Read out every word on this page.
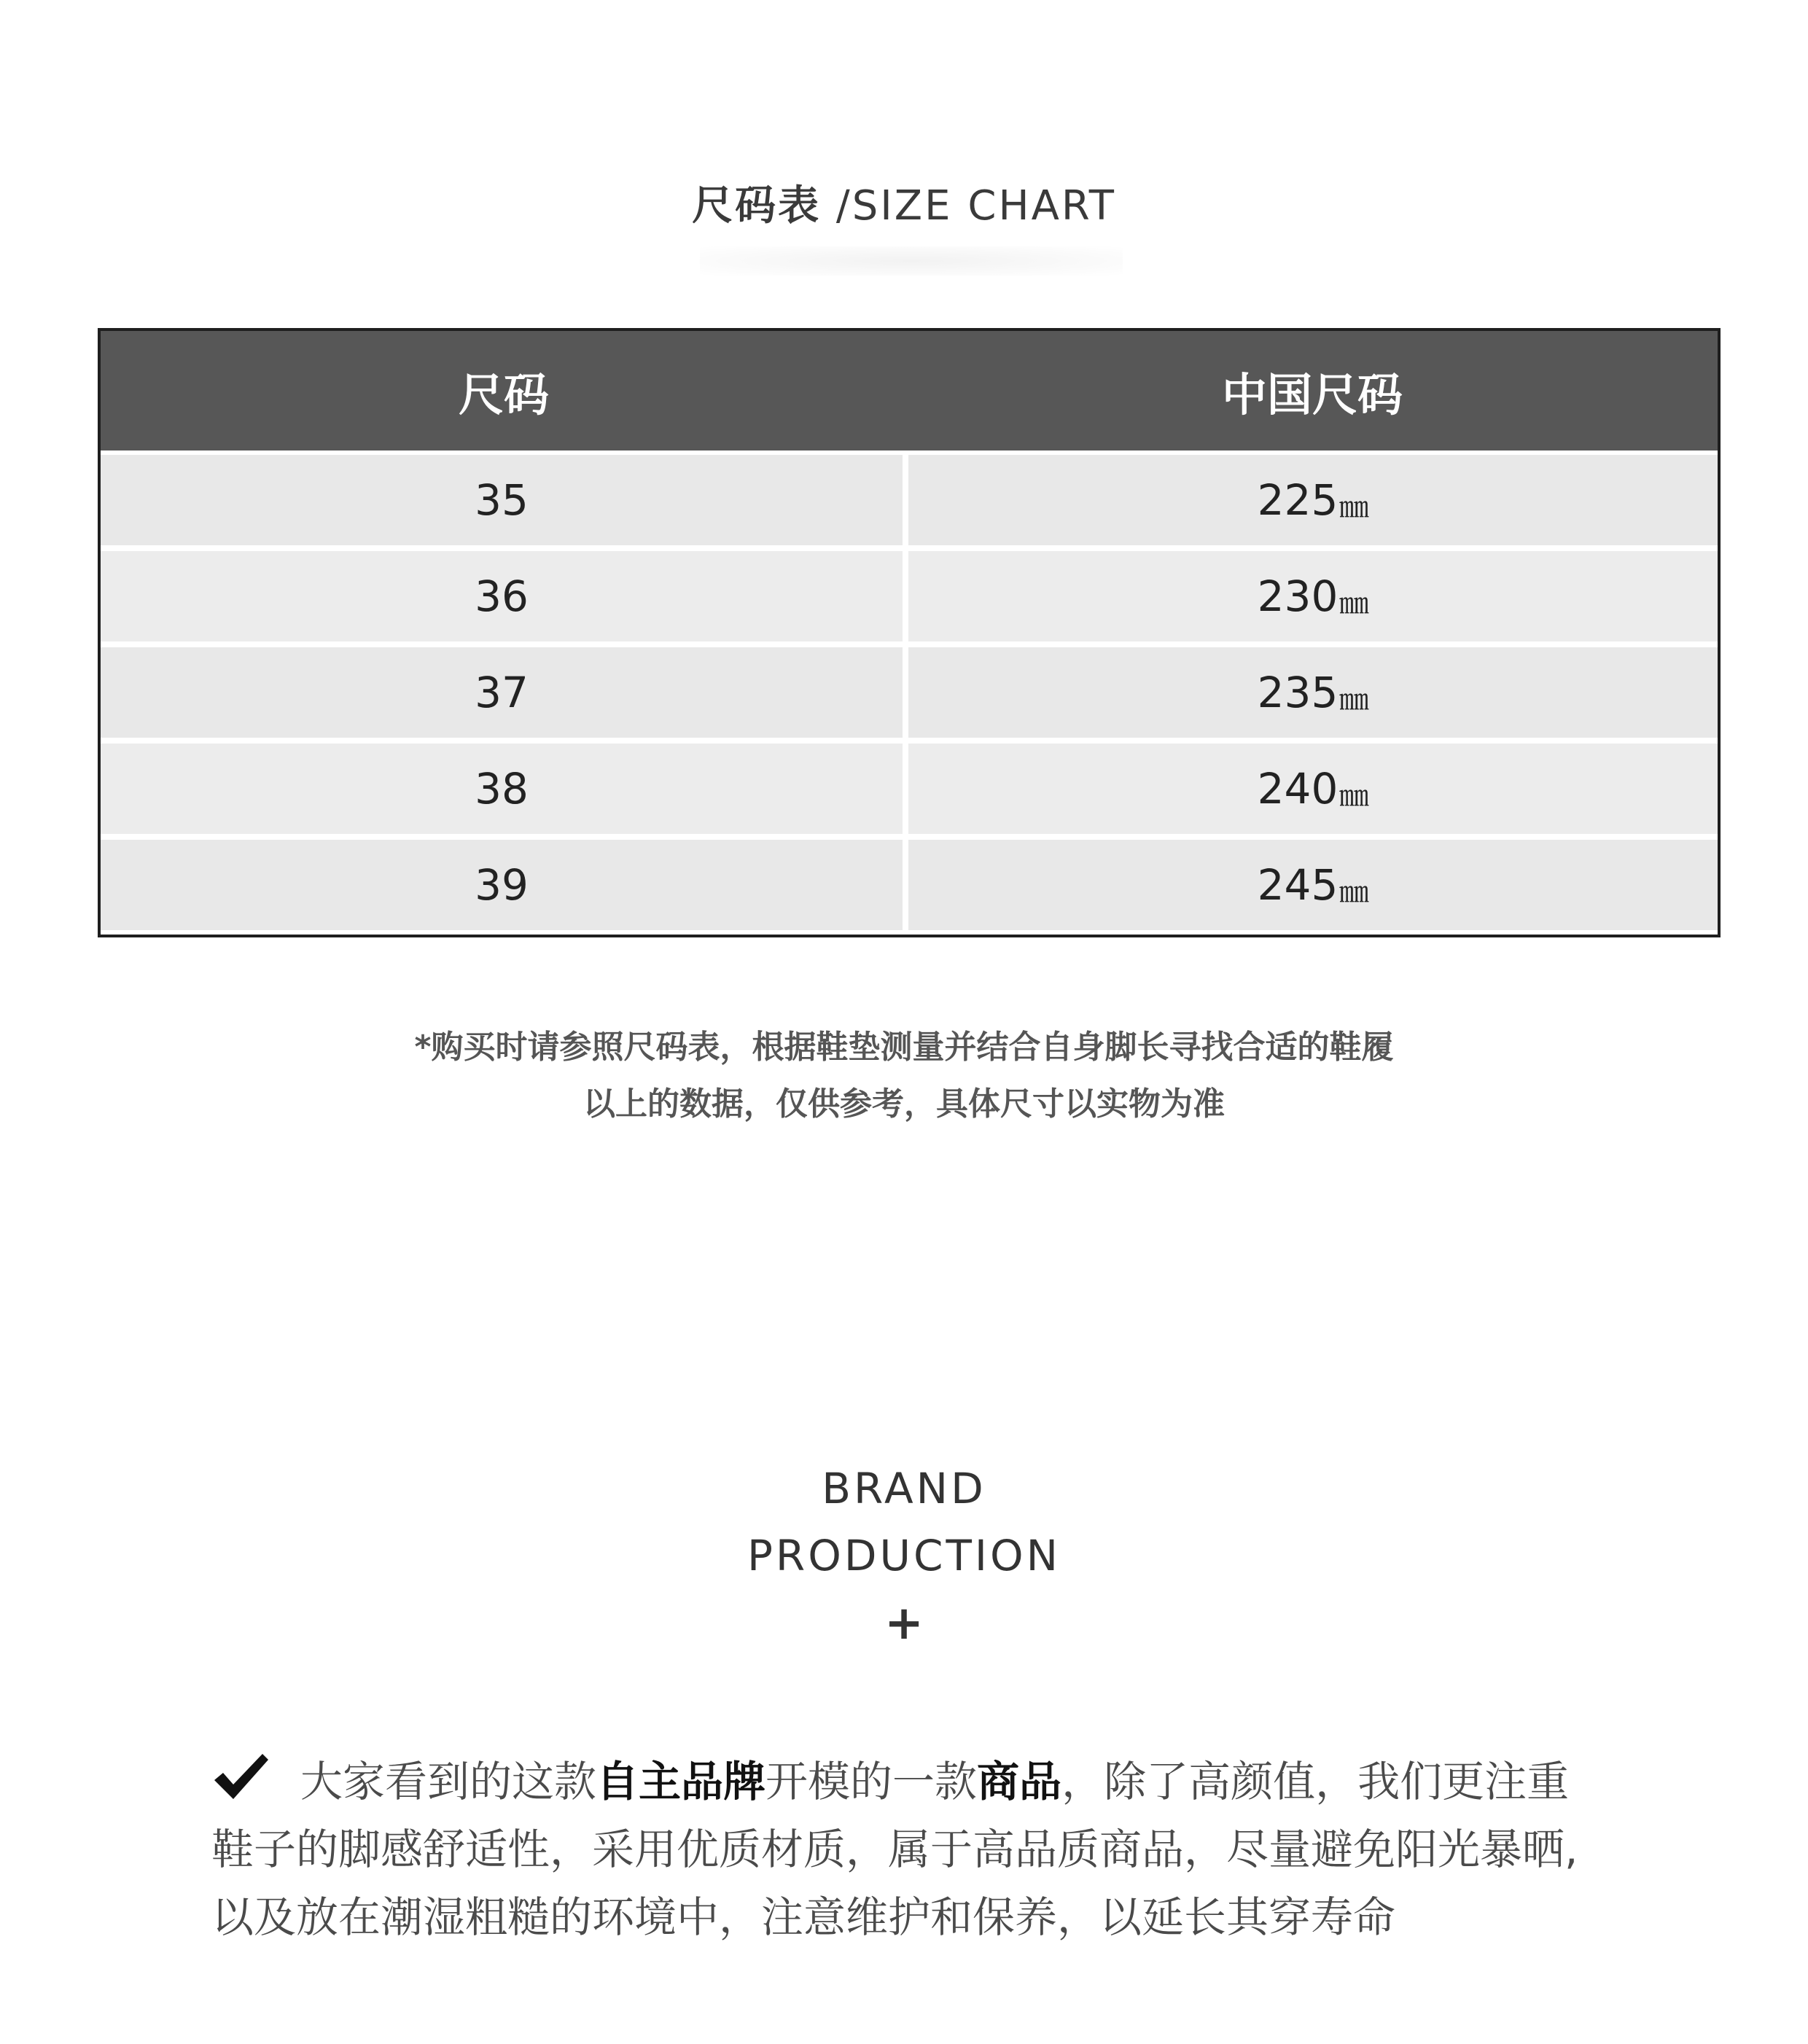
尺码表 /SIZE CHART
尺码	中国尺码
35	225 ㎜
36	230 ㎜
37	235 ㎜
38	240 ㎜
39	245 ㎜
*购买时请参照尺码表，根据鞋垫测量并结合自身脚长寻找合适的鞋履
以上的数据，仅供参考，具体尺寸以实物为准
BRAND
PRODUCTION
+
大家看到的这款自主品牌开模的一款商品，除了高颜值，我们更注重鞋子的脚感舒适性，采用优质材质，属于高品质商品，尽量避免阳光暴晒,以及放在潮湿粗糙的环境中，注意维护和保养，以延长其穿寿命
